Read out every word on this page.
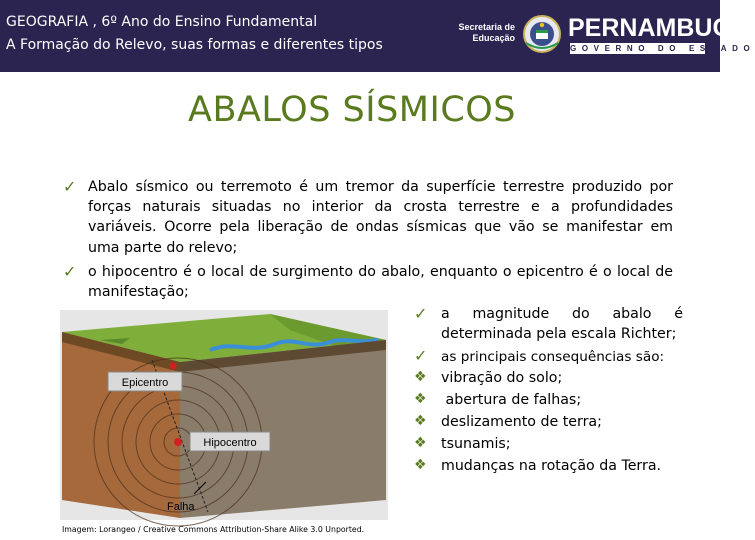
GEOGRAFIA , 6º Ano do Ensino Fundamental
A Formação do Relevo, suas formas e diferentes tipos
Secretaria de
Educação PERNAMBUCO
GOVERNO DO ESTADO
ABALOS SÍSMICOS
✓ Abalo sísmico ou terremoto é um tremor da superfície terrestre produzido por forças naturais situadas no interior da crosta terrestre e a profundidades variáveis. Ocorre pela liberação de ondas sísmicas que vão se manifestar em uma parte do relevo;
✓ o hipocentro é o local de surgimento do abalo, enquanto o epicentro é o local de manifestação;
✓ a magnitude do abalo é
determinada pela escala Richter;
✓ as principais consequências são:
❖ vibração do solo;
❖ abertura de falhas;
❖ deslizamento de terra;
❖ tsunamis;
❖ mudanças na rotação da Terra.
Epicentro
Hipocentro
Falha
Imagem: Lorangeo / Creative Commons Attribution-Share Alike 3.0 Unported.
